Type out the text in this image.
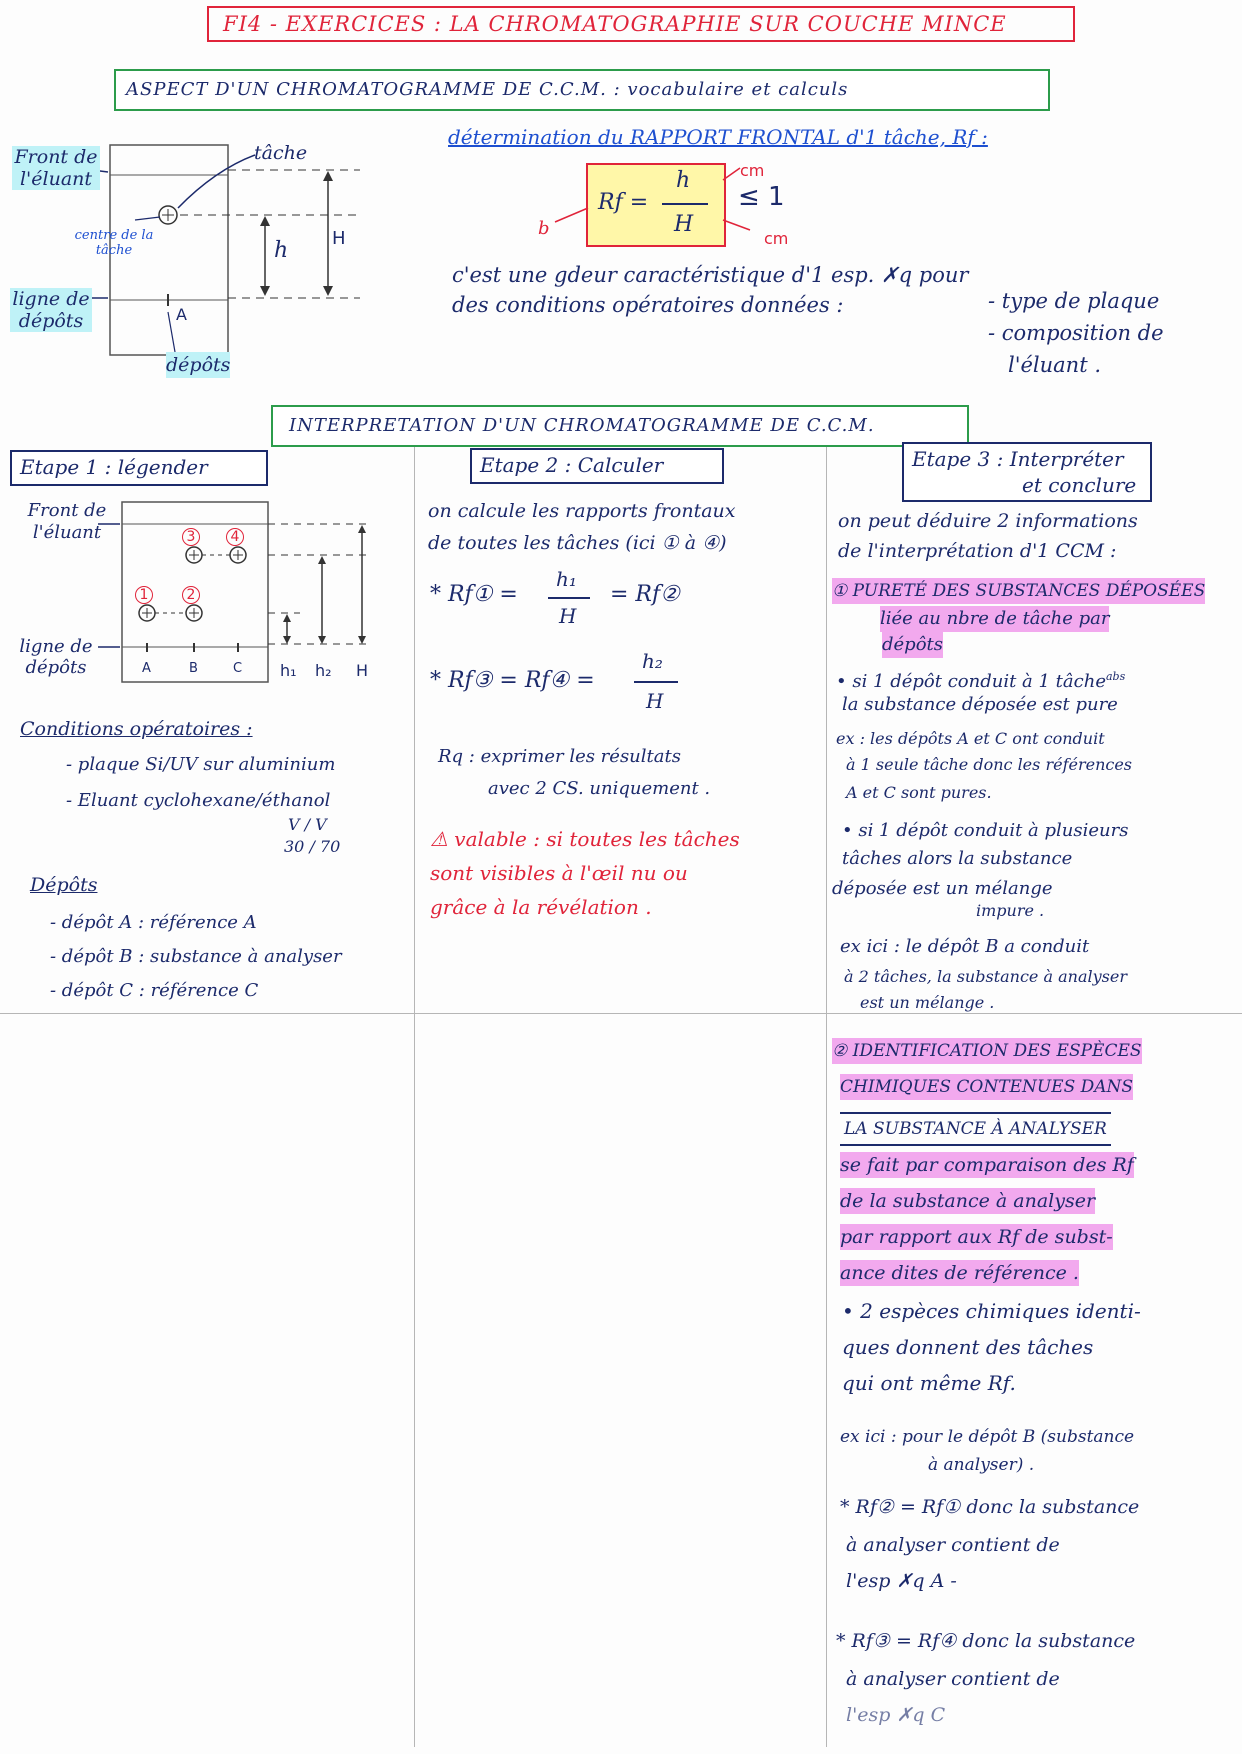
FI4 - EXERCICES : LA CHROMATOGRAPHIE SUR COUCHE MINCE
ASPECT D'UN CHROMATOGRAMME DE C.C.M. : vocabulaire et calculs
Front de l'éluant
tâche
centre de la tâche
ligne de dépôts
dépôts
A
h H
détermination du RAPPORT FRONTAL d'1 tâche, Rf :
Rf =
h
H
≤ 1
cm
cm
b
c'est une gdeur caractéristique d'1 esp. ✗q pour
des conditions opératoires données :	- type de plaque
- composition de
l'éluant .
INTERPRETATION D'UN CHROMATOGRAMME DE C.C.M.
Etape 1 : légender
Front de l'éluant
ligne de dépôts
1	2
3	4
A	B	C h₁ h₂ H
Conditions opératoires :
- plaque Si/UV sur aluminium
- Eluant cyclohexane/éthanol
V / V
30 / 70
Dépôts
- dépôt A : référence A
- dépôt B : substance à analyser
- dépôt C : référence C
Etape 2 : Calculer
on calcule les rapports frontaux
de toutes les tâches (ici ① à ④)
* Rf① =
h₁
H
= Rf②
* Rf③ = Rf④ =
h₂
H
Rq : exprimer les résultats
avec 2 CS. uniquement .
⚠ valable : si toutes les tâches
sont visibles à l'œil nu ou
grâce à la révélation .
Etape 3 : Interpréter
et conclure
on peut déduire 2 informations
de l'interprétation d'1 CCM :
① PURETÉ DES SUBSTANCES DÉPOSÉES
liée au nbre de tâche par
dépôts
• si 1 dépôt conduit à 1 tâche$^{abs}$
la substance déposée est pure
ex : les dépôts A et C ont conduit
à 1 seule tâche donc les références
A et C sont pures.
• si 1 dépôt conduit à plusieurs
tâches alors la substance
déposée est un mélange
impure .
ex ici : le dépôt B a conduit
à 2 tâches, la substance à analyser
est un mélange .
② IDENTIFICATION DES ESPÈCES
CHIMIQUES CONTENUES DANS
LA SUBSTANCE À ANALYSER
se fait par comparaison des Rf
de la substance à analyser
par rapport aux Rf de subst-
ance dites de référence .
• 2 espèces chimiques identi-
ques donnent des tâches
qui ont même Rf.
ex ici : pour le dépôt B (substance
à analyser) .
* Rf② = Rf① donc la substance
à analyser contient de
l'esp ✗q A -
* Rf③ = Rf④ donc la substance
à analyser contient de
l'esp ✗q C
